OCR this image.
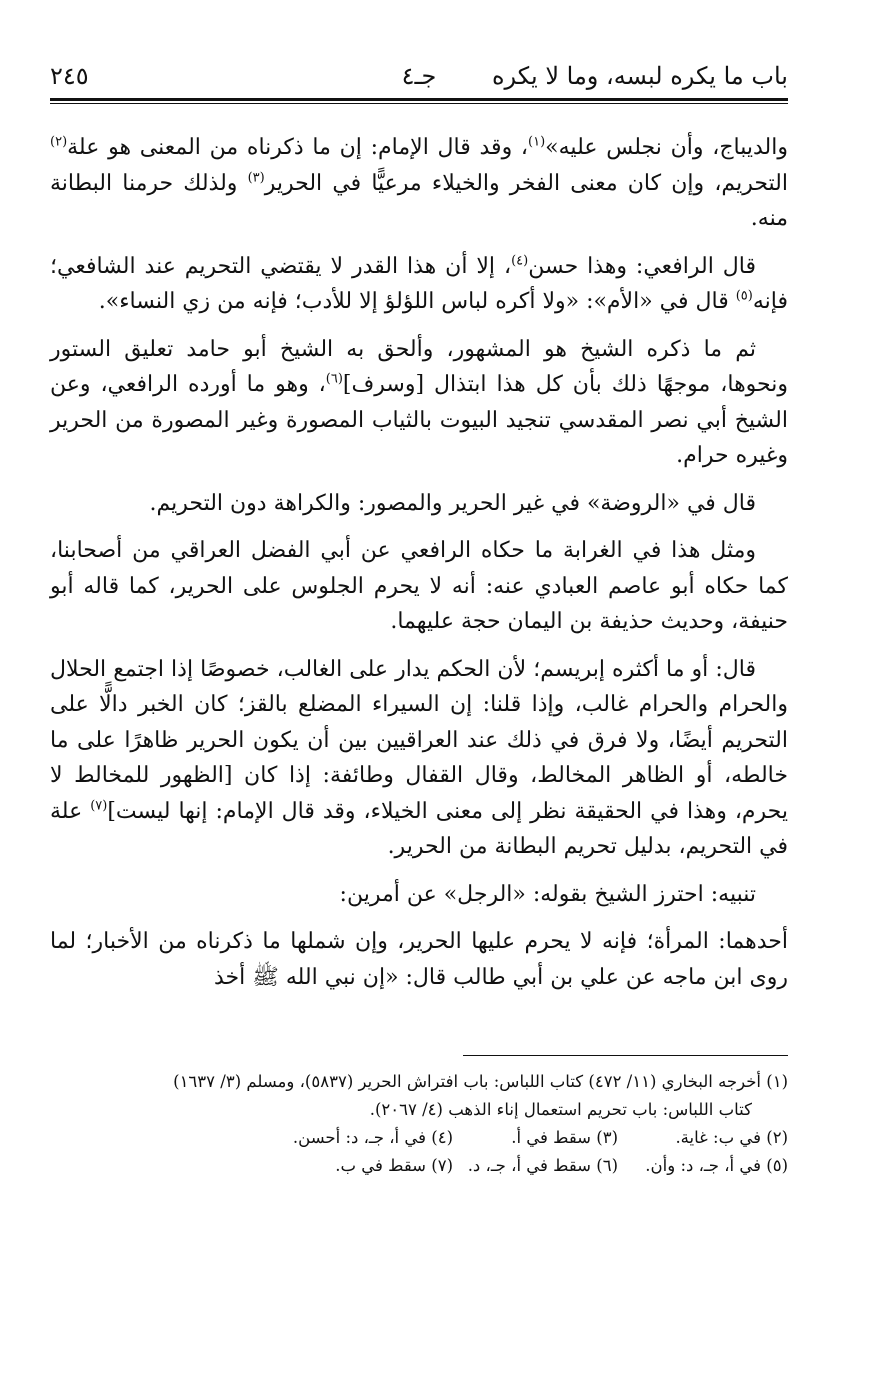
باب ما يكره لبسه، وما لا يكره
جـ٤
٢٤٥

والديباج، وأن نجلس عليه»$^{(١)}$، وقد قال الإمام: إن ما ذكرناه من المعنى هو علة$^{(٢)}$ التحريم، وإن كان معنى الفخر والخيلاء مرعيًّا في الحرير$^{(٣)}$ ولذلك حرمنا البطانة منه.

قال الرافعي: وهذا حسن$^{(٤)}$، إلا أن هذا القدر لا يقتضي التحريم عند الشافعي؛ فإنه$^{(٥)}$ قال في «الأم»: «ولا أكره لباس اللؤلؤ إلا للأدب؛ فإنه من زي النساء».

ثم ما ذكره الشيخ هو المشهور، وألحق به الشيخ أبو حامد تعليق الستور ونحوها، موجهًا ذلك بأن كل هذا ابتذال [وسرف]$^{(٦)}$، وهو ما أورده الرافعي، وعن الشيخ أبي نصر المقدسي تنجيد البيوت بالثياب المصورة وغير المصورة من الحرير وغيره حرام.

قال في «الروضة» في غير الحرير والمصور: والكراهة دون التحريم.

ومثل هذا في الغرابة ما حكاه الرافعي عن أبي الفضل العراقي من أصحابنا، كما حكاه أبو عاصم العبادي عنه: أنه لا يحرم الجلوس على الحرير، كما قاله أبو حنيفة، وحديث حذيفة بن اليمان حجة عليهما.

قال: أو ما أكثره إبريسم؛ لأن الحكم يدار على الغالب، خصوصًا إذا اجتمع الحلال والحرام والحرام غالب، وإذا قلنا: إن السيراء المضلع بالقز؛ كان الخبر دالًّا على التحريم أيضًا، ولا فرق في ذلك عند العراقيين بين أن يكون الحرير ظاهرًا على ما خالطه، أو الظاهر المخالط، وقال القفال وطائفة: إذا كان [الظهور للمخالط لا يحرم، وهذا في الحقيقة نظر إلى معنى الخيلاء، وقد قال الإمام: إنها ليست]$^{(٧)}$ علة في التحريم، بدليل تحريم البطانة من الحرير.

تنبيه: احترز الشيخ بقوله: «الرجل» عن أمرين:

أحدهما: المرأة؛ فإنه لا يحرم عليها الحرير، وإن شملها ما ذكرناه من الأخبار؛ لما روى ابن ماجه عن علي بن أبي طالب قال: «إن نبي الله ﷺ أخذ

(١) أخرجه البخاري (١١/ ٤٧٢) كتاب اللباس: باب افتراش الحرير (٥٨٣٧)، ومسلم (٣/ ١٦٣٧)
كتاب اللباس: باب تحريم استعمال إناء الذهب (٤/ ٢٠٦٧).
(٢) في ب: غاية.
(٣) سقط في أ.
(٤) في أ، جـ، د: أحسن.
(٥) في أ، جـ، د: وأن.
(٦) سقط في أ، جـ، د.
(٧) سقط في ب.
